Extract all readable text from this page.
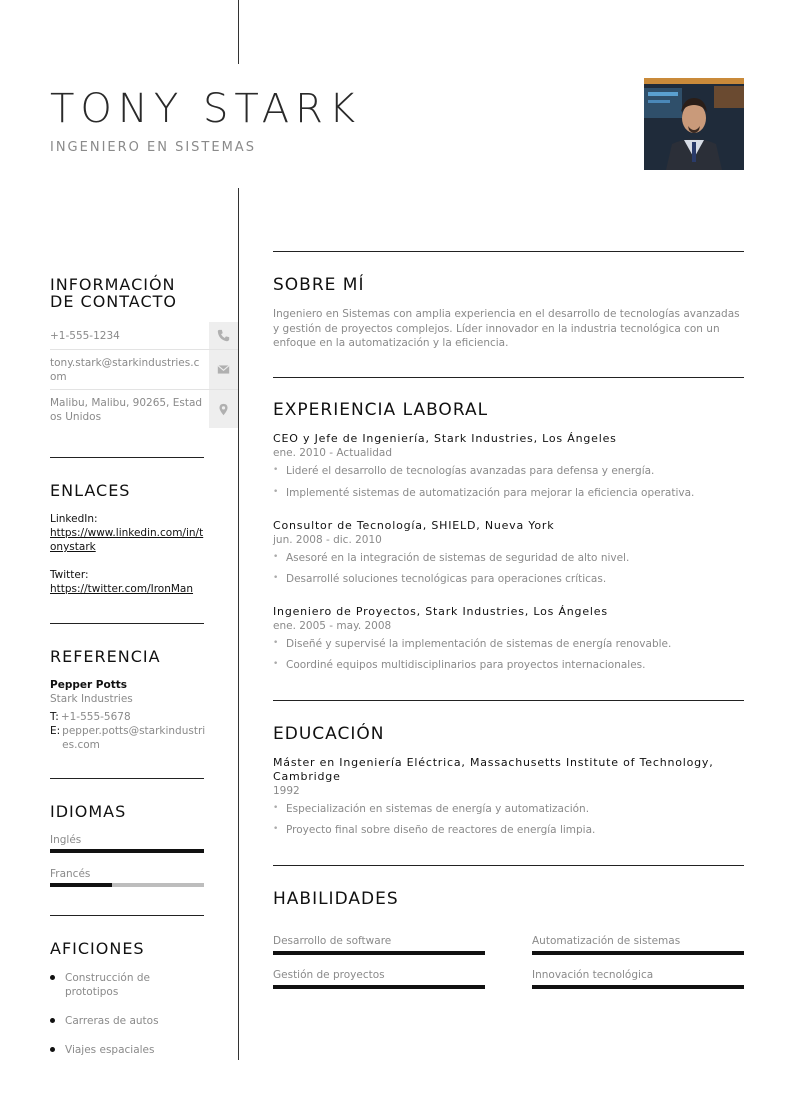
TONY STARK
INGENIERO EN SISTEMAS
INFORMACIÓN
DE CONTACTO
+1-555-1234
tony.stark@starkindustries.com
Malibu, Malibu, 90265, Estados Unidos
ENLACES
LinkedIn:
https://www.linkedin.com/in/tonystark
Twitter:
https://twitter.com/IronMan
REFERENCIA
Pepper Potts
Stark Industries
T: +1-555-5678
E: pepper.potts@starkindustries.com
IDIOMAS
Inglés
Francés
AFICIONES
Construcción de prototipos
Carreras de autos
Viajes espaciales
SOBRE MÍ
Ingeniero en Sistemas con amplia experiencia en el desarrollo de tecnologías avanzadas y gestión de proyectos complejos. Líder innovador en la industria tecnológica con un enfoque en la automatización y la eficiencia.
EXPERIENCIA LABORAL
CEO y Jefe de Ingeniería, Stark Industries, Los Ángeles
ene. 2010 - Actualidad
• Lideré el desarrollo de tecnologías avanzadas para defensa y energía.
• Implementé sistemas de automatización para mejorar la eficiencia operativa.
Consultor de Tecnología, SHIELD, Nueva York
jun. 2008 - dic. 2010
• Asesoré en la integración de sistemas de seguridad de alto nivel.
• Desarrollé soluciones tecnológicas para operaciones críticas.
Ingeniero de Proyectos, Stark Industries, Los Ángeles
ene. 2005 - may. 2008
• Diseñé y supervisé la implementación de sistemas de energía renovable.
• Coordiné equipos multidisciplinarios para proyectos internacionales.
EDUCACIÓN
Máster en Ingeniería Eléctrica, Massachusetts Institute of Technology, Cambridge
1992
• Especialización en sistemas de energía y automatización.
• Proyecto final sobre diseño de reactores de energía limpia.
HABILIDADES
Desarrollo de software	Automatización de sistemas
Gestión de proyectos	Innovación tecnológica
